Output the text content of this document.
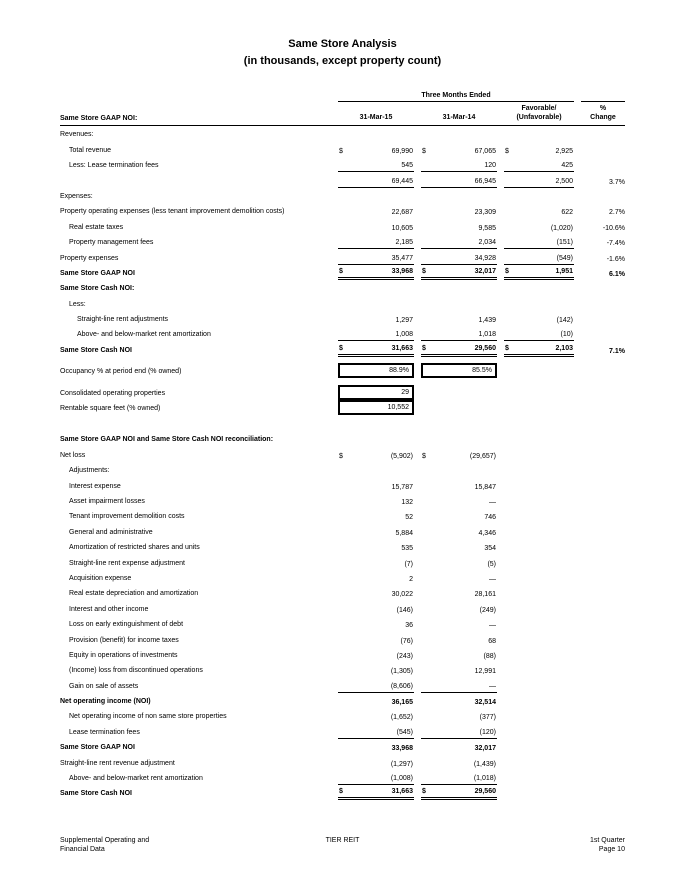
Same Store Analysis
(in thousands, except property count)
Three Months Ended
Same Store GAAP NOI:	31-Mar-15	31-Mar-14
Favorable/
(Unfavorable)
%
Change
Revenues:
Total revenue	$	69,990 $	67,065 $	2,925
Less: Lease termination fees	545	120	425
69,445	66,945	2,500	3.7%
Expenses:
Property operating expenses (less tenant improvement demolition costs)	22,687	23,309	622	2.7%
Real estate taxes	10,605	9,585	(1,020)	-10.6%
Property management fees	2,185	2,034	(151)	-7.4%
Property expenses	35,477	34,928	(549)	-1.6%
Same Store GAAP NOI	$	33,968 $	32,017 $	1,951	6.1%
Same Store Cash NOI:
Less:
Straight-line rent adjustments	1,297	1,439	(142)
Above- and below-market rent amortization	1,008	1,018	(10)
Same Store Cash NOI	$	31,663 $	29,560 $	2,103	7.1%
Occupancy % at period end (% owned)	88.9%	85.5%
Consolidated operating properties	29
Rentable square feet (% owned)	10,552
Same Store GAAP NOI and Same Store Cash NOI reconciliation:
Net loss	$	(5,902) $	(29,657)
Adjustments:
Interest expense	15,787	15,847
Asset impairment losses	132	—
Tenant improvement demolition costs	52	746
General and administrative	5,884	4,346
Amortization of restricted shares and units	535	354
Straight-line rent expense adjustment	(7)	(5)
Acquisition expense	2	—
Real estate depreciation and amortization	30,022	28,161
Interest and other income	(146)	(249)
Loss on early extinguishment of debt	36	—
Provision (benefit) for income taxes	(76)	68
Equity in operations of investments	(243)	(88)
(Income) loss from discontinued operations	(1,305)	12,991
Gain on sale of assets	(8,606)	—
Net operating income (NOI)	36,165	32,514
Net operating income of non same store properties	(1,652)	(377)
Lease termination fees	(545)	(120)
Same Store GAAP NOI	33,968	32,017
Straight-line rent revenue adjustment	(1,297)	(1,439)
Above- and below-market rent amortization	(1,008)	(1,018)
Same Store Cash NOI	$	31,663 $	29,560
Supplemental Operating and
Financial Data
TIER REIT	1st Quarter
Page 10
